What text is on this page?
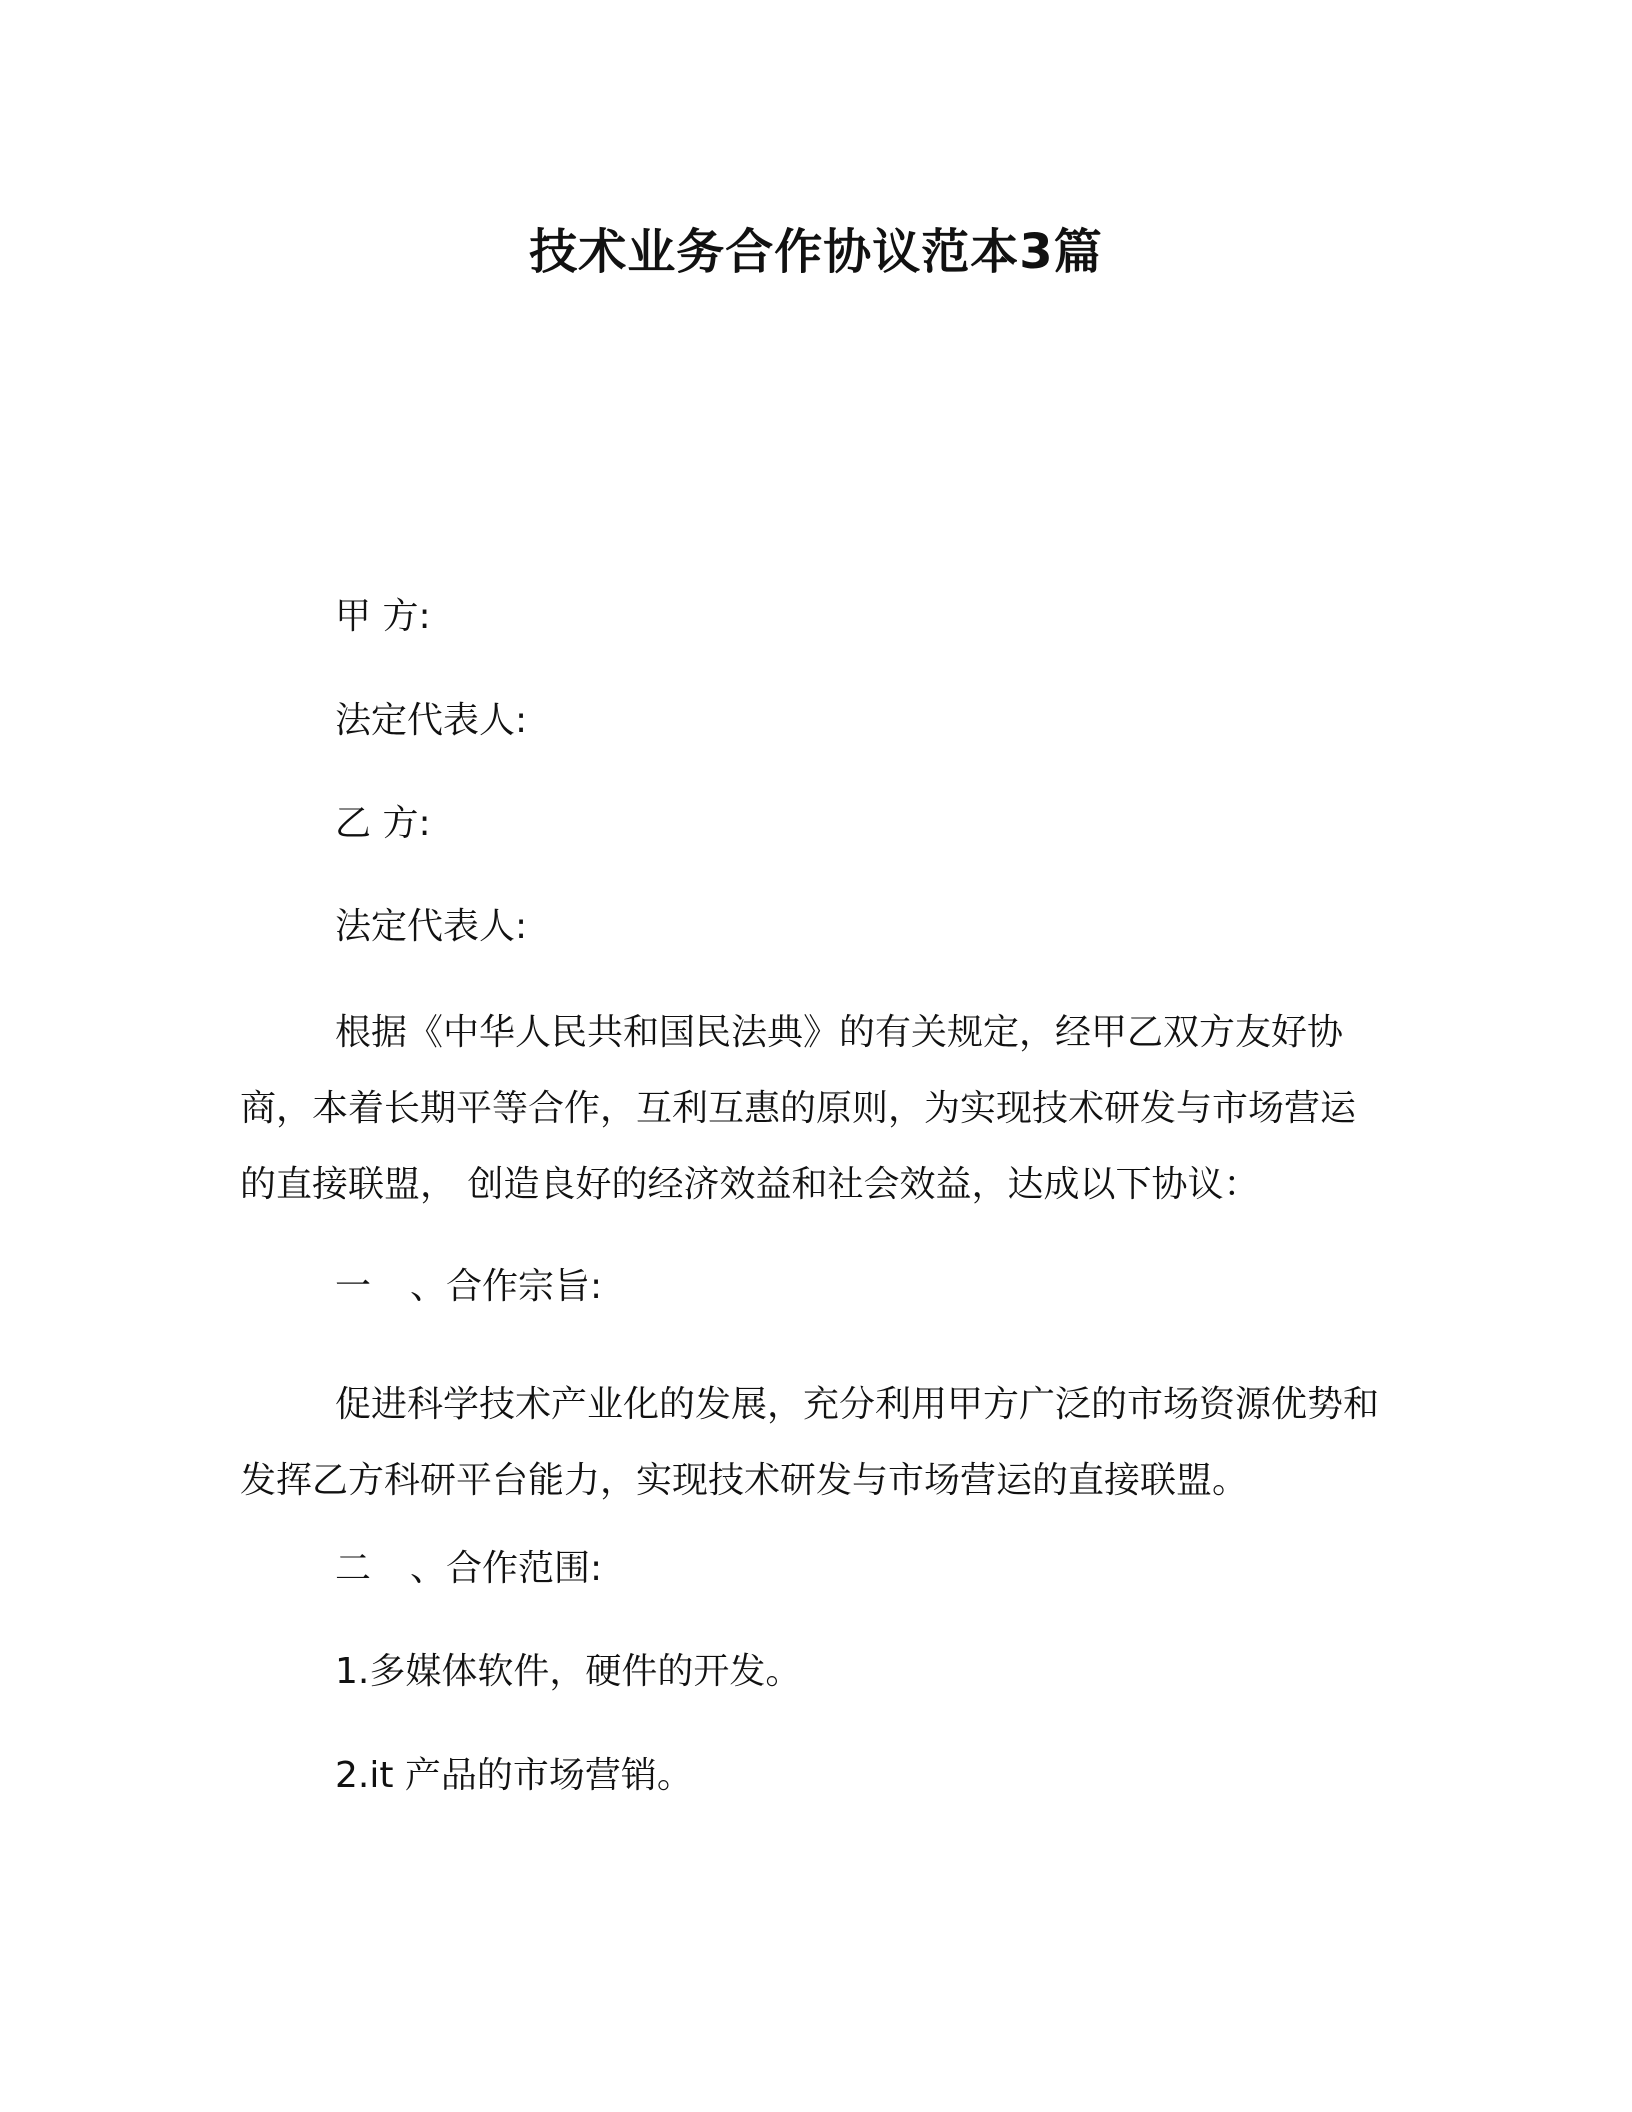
技术业务合作协议范本3篇
甲 方:
法定代表人:
乙 方:
法定代表人:
根据《中华人民共和国民法典》的有关规定，经甲乙双方友好协商，本着长期平等合作，互利互惠的原则，为实现技术研发与市场营运的直接联盟， 创造良好的经济效益和社会效益，达成以下协议：
一 、合作宗旨:
促进科学技术产业化的发展，充分利用甲方广泛的市场资源优势和发挥乙方科研平台能力，实现技术研发与市场营运的直接联盟。
二 、合作范围:
1.多媒体软件，硬件的开发。
2.it 产品的市场营销。
